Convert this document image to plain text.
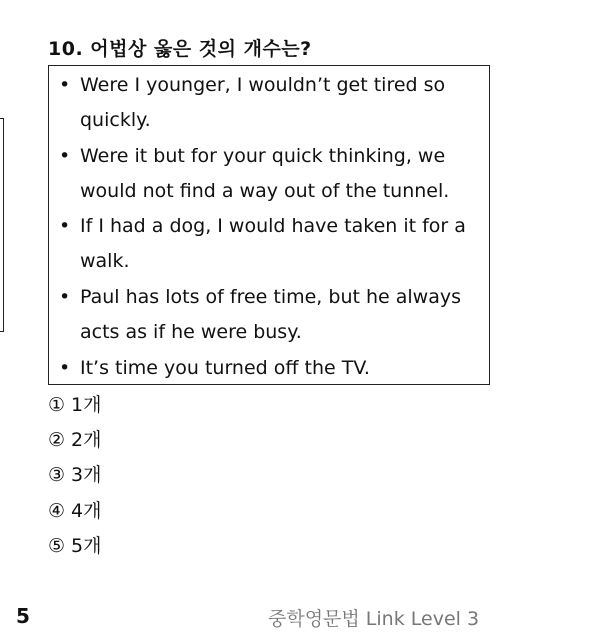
10. 어법상 옳은 것의 개수는?
• Were I younger, I wouldn’t get tired so quickly.
• Were it but for your quick thinking, we would not find a way out of the tunnel.
• If I had a dog, I would have taken it for a walk.
• Paul has lots of free time, but he always acts as if he were busy.
• It’s time you turned off the TV.
① 1개
② 2개
③ 3개
④ 4개
⑤ 5개
5	중학영문법 Link Level 3
